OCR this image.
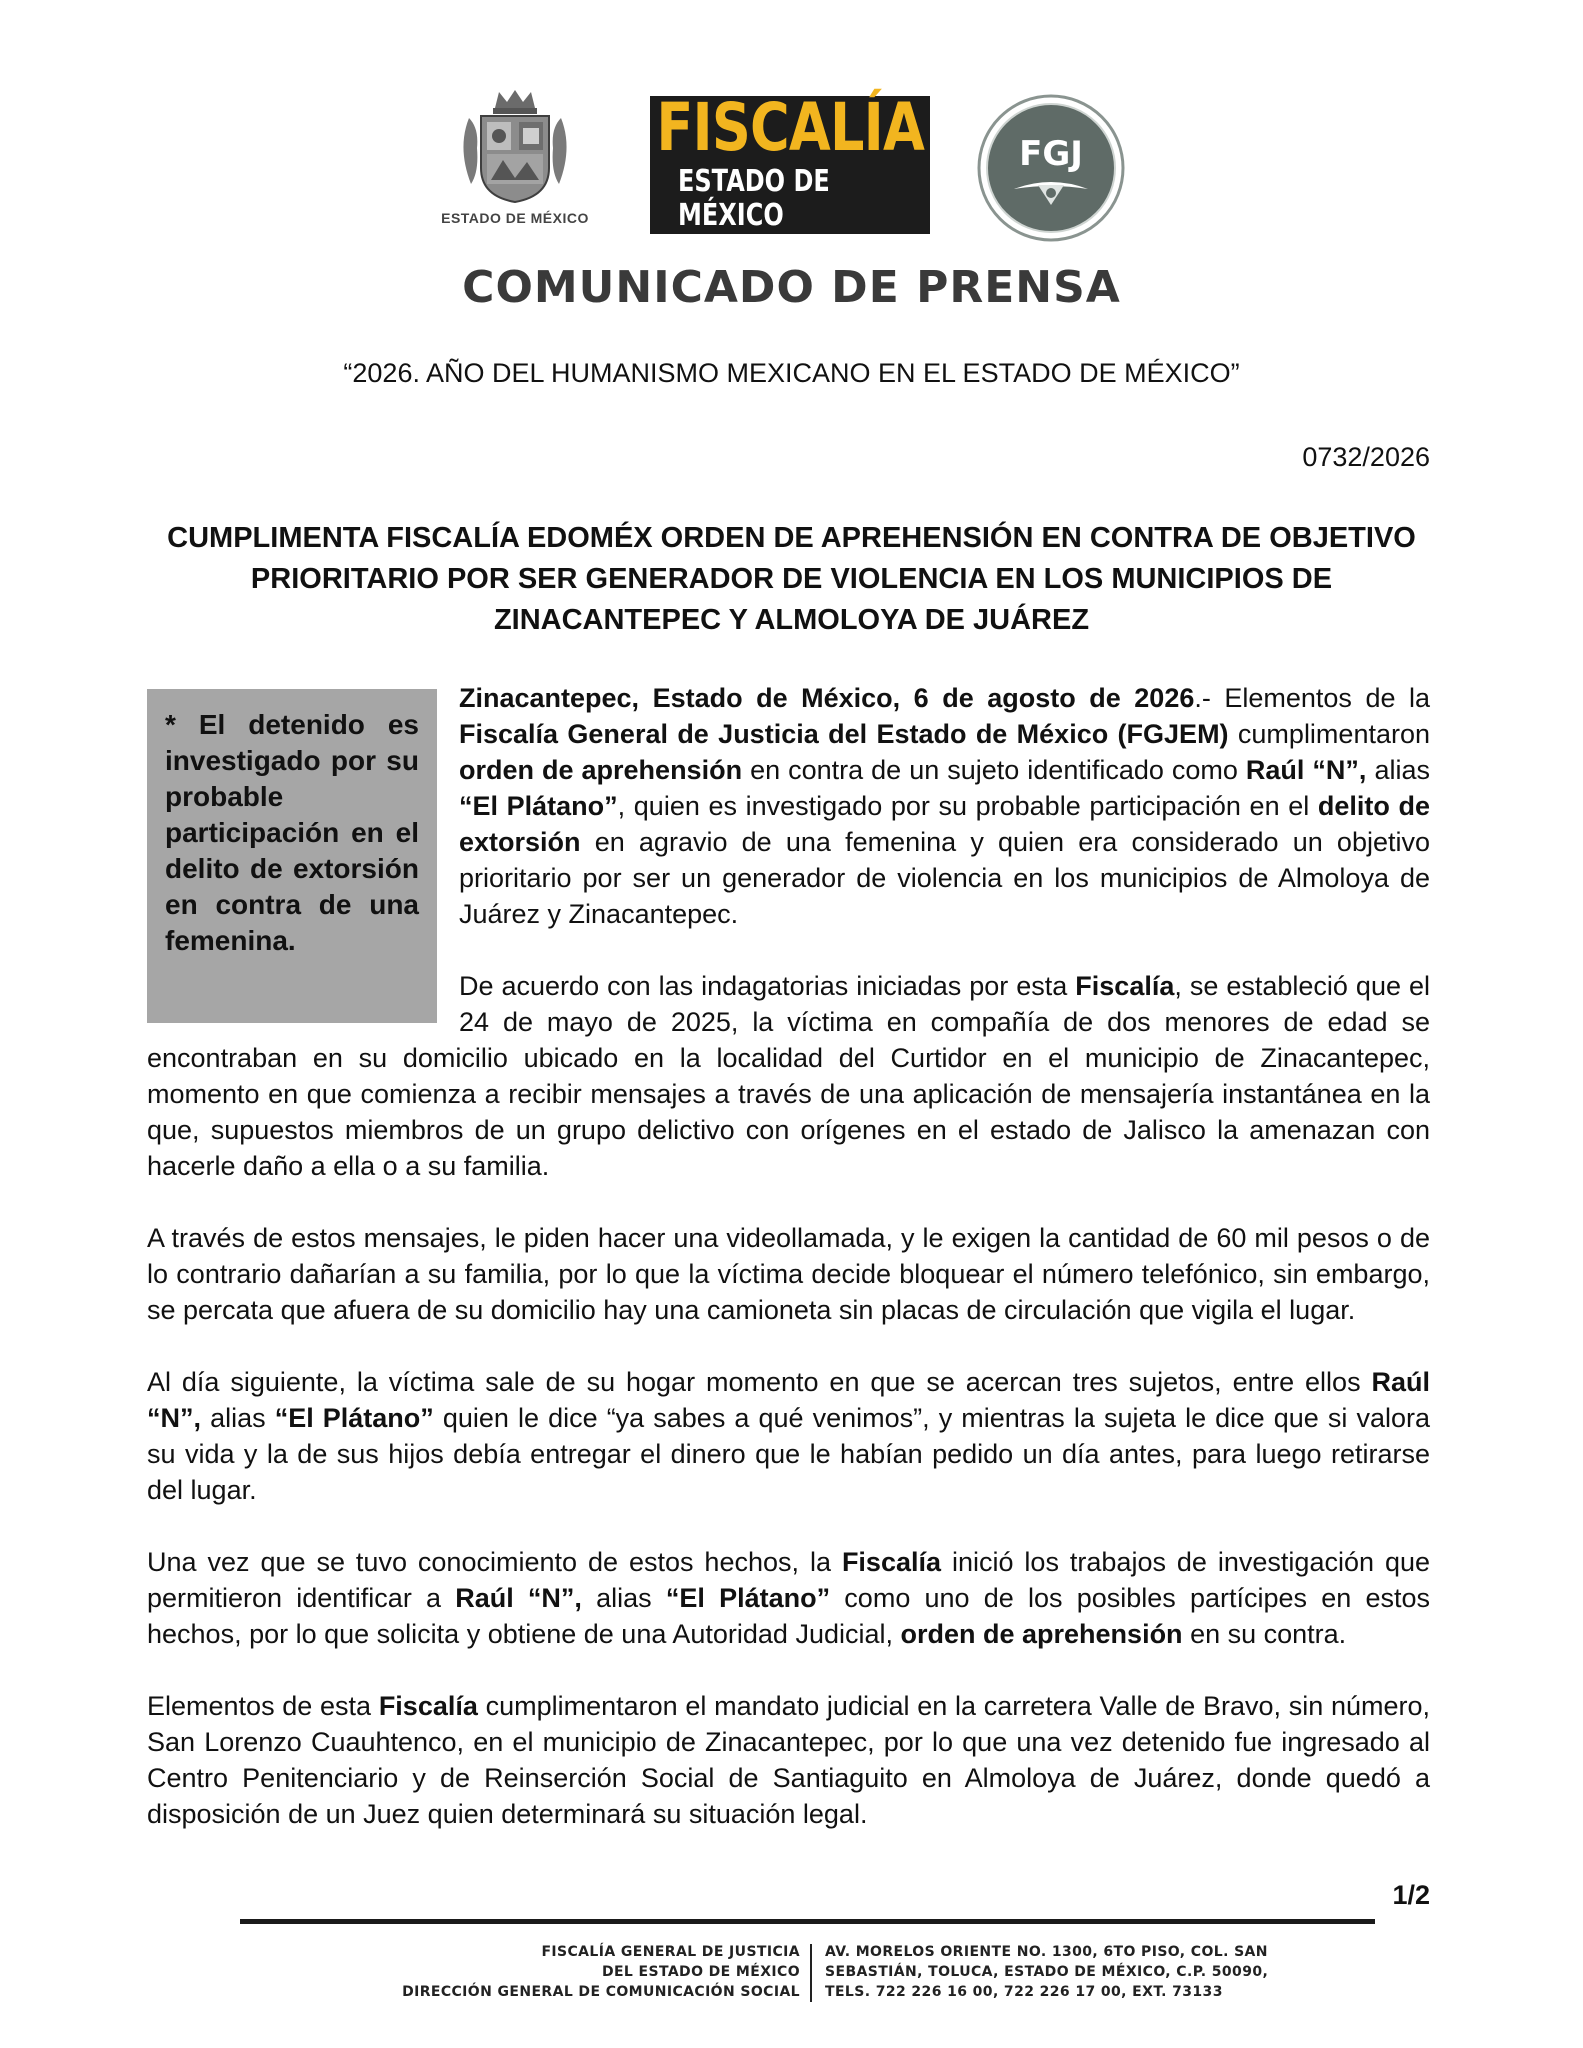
ESTADO DE MÉXICO
FISCALÍA
ESTADO DE MÉXICO
FGJ
COMUNICADO DE PRENSA
“2026. AÑO DEL HUMANISMO MEXICANO EN EL ESTADO DE MÉXICO”
0732/2026
CUMPLIMENTA FISCALÍA EDOMÉX ORDEN DE APREHENSIÓN EN CONTRA DE OBJETIVO PRIORITARIO POR SER GENERADOR DE VIOLENCIA EN LOS MUNICIPIOS DE ZINACANTEPEC Y ALMOLOYA DE JUÁREZ
* El detenido es investigado por su probable participación en el delito de extorsión en contra de una femenina.

Zinacantepec, Estado de México, 6 de agosto de 2026.- Elementos de la Fiscalía General de Justicia del Estado de México (FGJEM) cumplimentaron orden de aprehensión en contra de un sujeto identificado como Raúl “N”, alias “El Plátano”, quien es investigado por su probable participación en el delito de extorsión en agravio de una femenina y quien era considerado un objetivo prioritario por ser un generador de violencia en los municipios de Almoloya de Juárez y Zinacantepec.

De acuerdo con las indagatorias iniciadas por esta Fiscalía, se estableció que el 24 de mayo de 2025, la víctima en compañía de dos menores de edad se encontraban en su domicilio ubicado en la localidad del Curtidor en el municipio de Zinacantepec, momento en que comienza a recibir mensajes a través de una aplicación de mensajería instantánea en la que, supuestos miembros de un grupo delictivo con orígenes en el estado de Jalisco la amenazan con hacerle daño a ella o a su familia.

A través de estos mensajes, le piden hacer una videollamada, y le exigen la cantidad de 60 mil pesos o de lo contrario dañarían a su familia, por lo que la víctima decide bloquear el número telefónico, sin embargo, se percata que afuera de su domicilio hay una camioneta sin placas de circulación que vigila el lugar.

Al día siguiente, la víctima sale de su hogar momento en que se acercan tres sujetos, entre ellos Raúl “N”, alias “El Plátano” quien le dice “ya sabes a qué venimos”, y mientras la sujeta le dice que si valora su vida y la de sus hijos debía entregar el dinero que le habían pedido un día antes, para luego retirarse del lugar.

Una vez que se tuvo conocimiento de estos hechos, la Fiscalía inició los trabajos de investigación que permitieron identificar a Raúl “N”, alias “El Plátano” como uno de los posibles partícipes en estos hechos, por lo que solicita y obtiene de una Autoridad Judicial, orden de aprehensión en su contra.

Elementos de esta Fiscalía cumplimentaron el mandato judicial en la carretera Valle de Bravo, sin número, San Lorenzo Cuauhtenco, en el municipio de Zinacantepec, por lo que una vez detenido fue ingresado al Centro Penitenciario y de Reinserción Social de Santiaguito en Almoloya de Juárez, donde quedó a disposición de un Juez quien determinará su situación legal.

1/2
FISCALÍA GENERAL DE JUSTICIA
DEL ESTADO DE MÉXICO
DIRECCIÓN GENERAL DE COMUNICACIÓN SOCIAL
AV. MORELOS ORIENTE NO. 1300, 6TO PISO, COL. SAN
SEBASTIÁN, TOLUCA, ESTADO DE MÉXICO, C.P. 50090,
TELS. 722 226 16 00, 722 226 17 00, EXT. 73133
